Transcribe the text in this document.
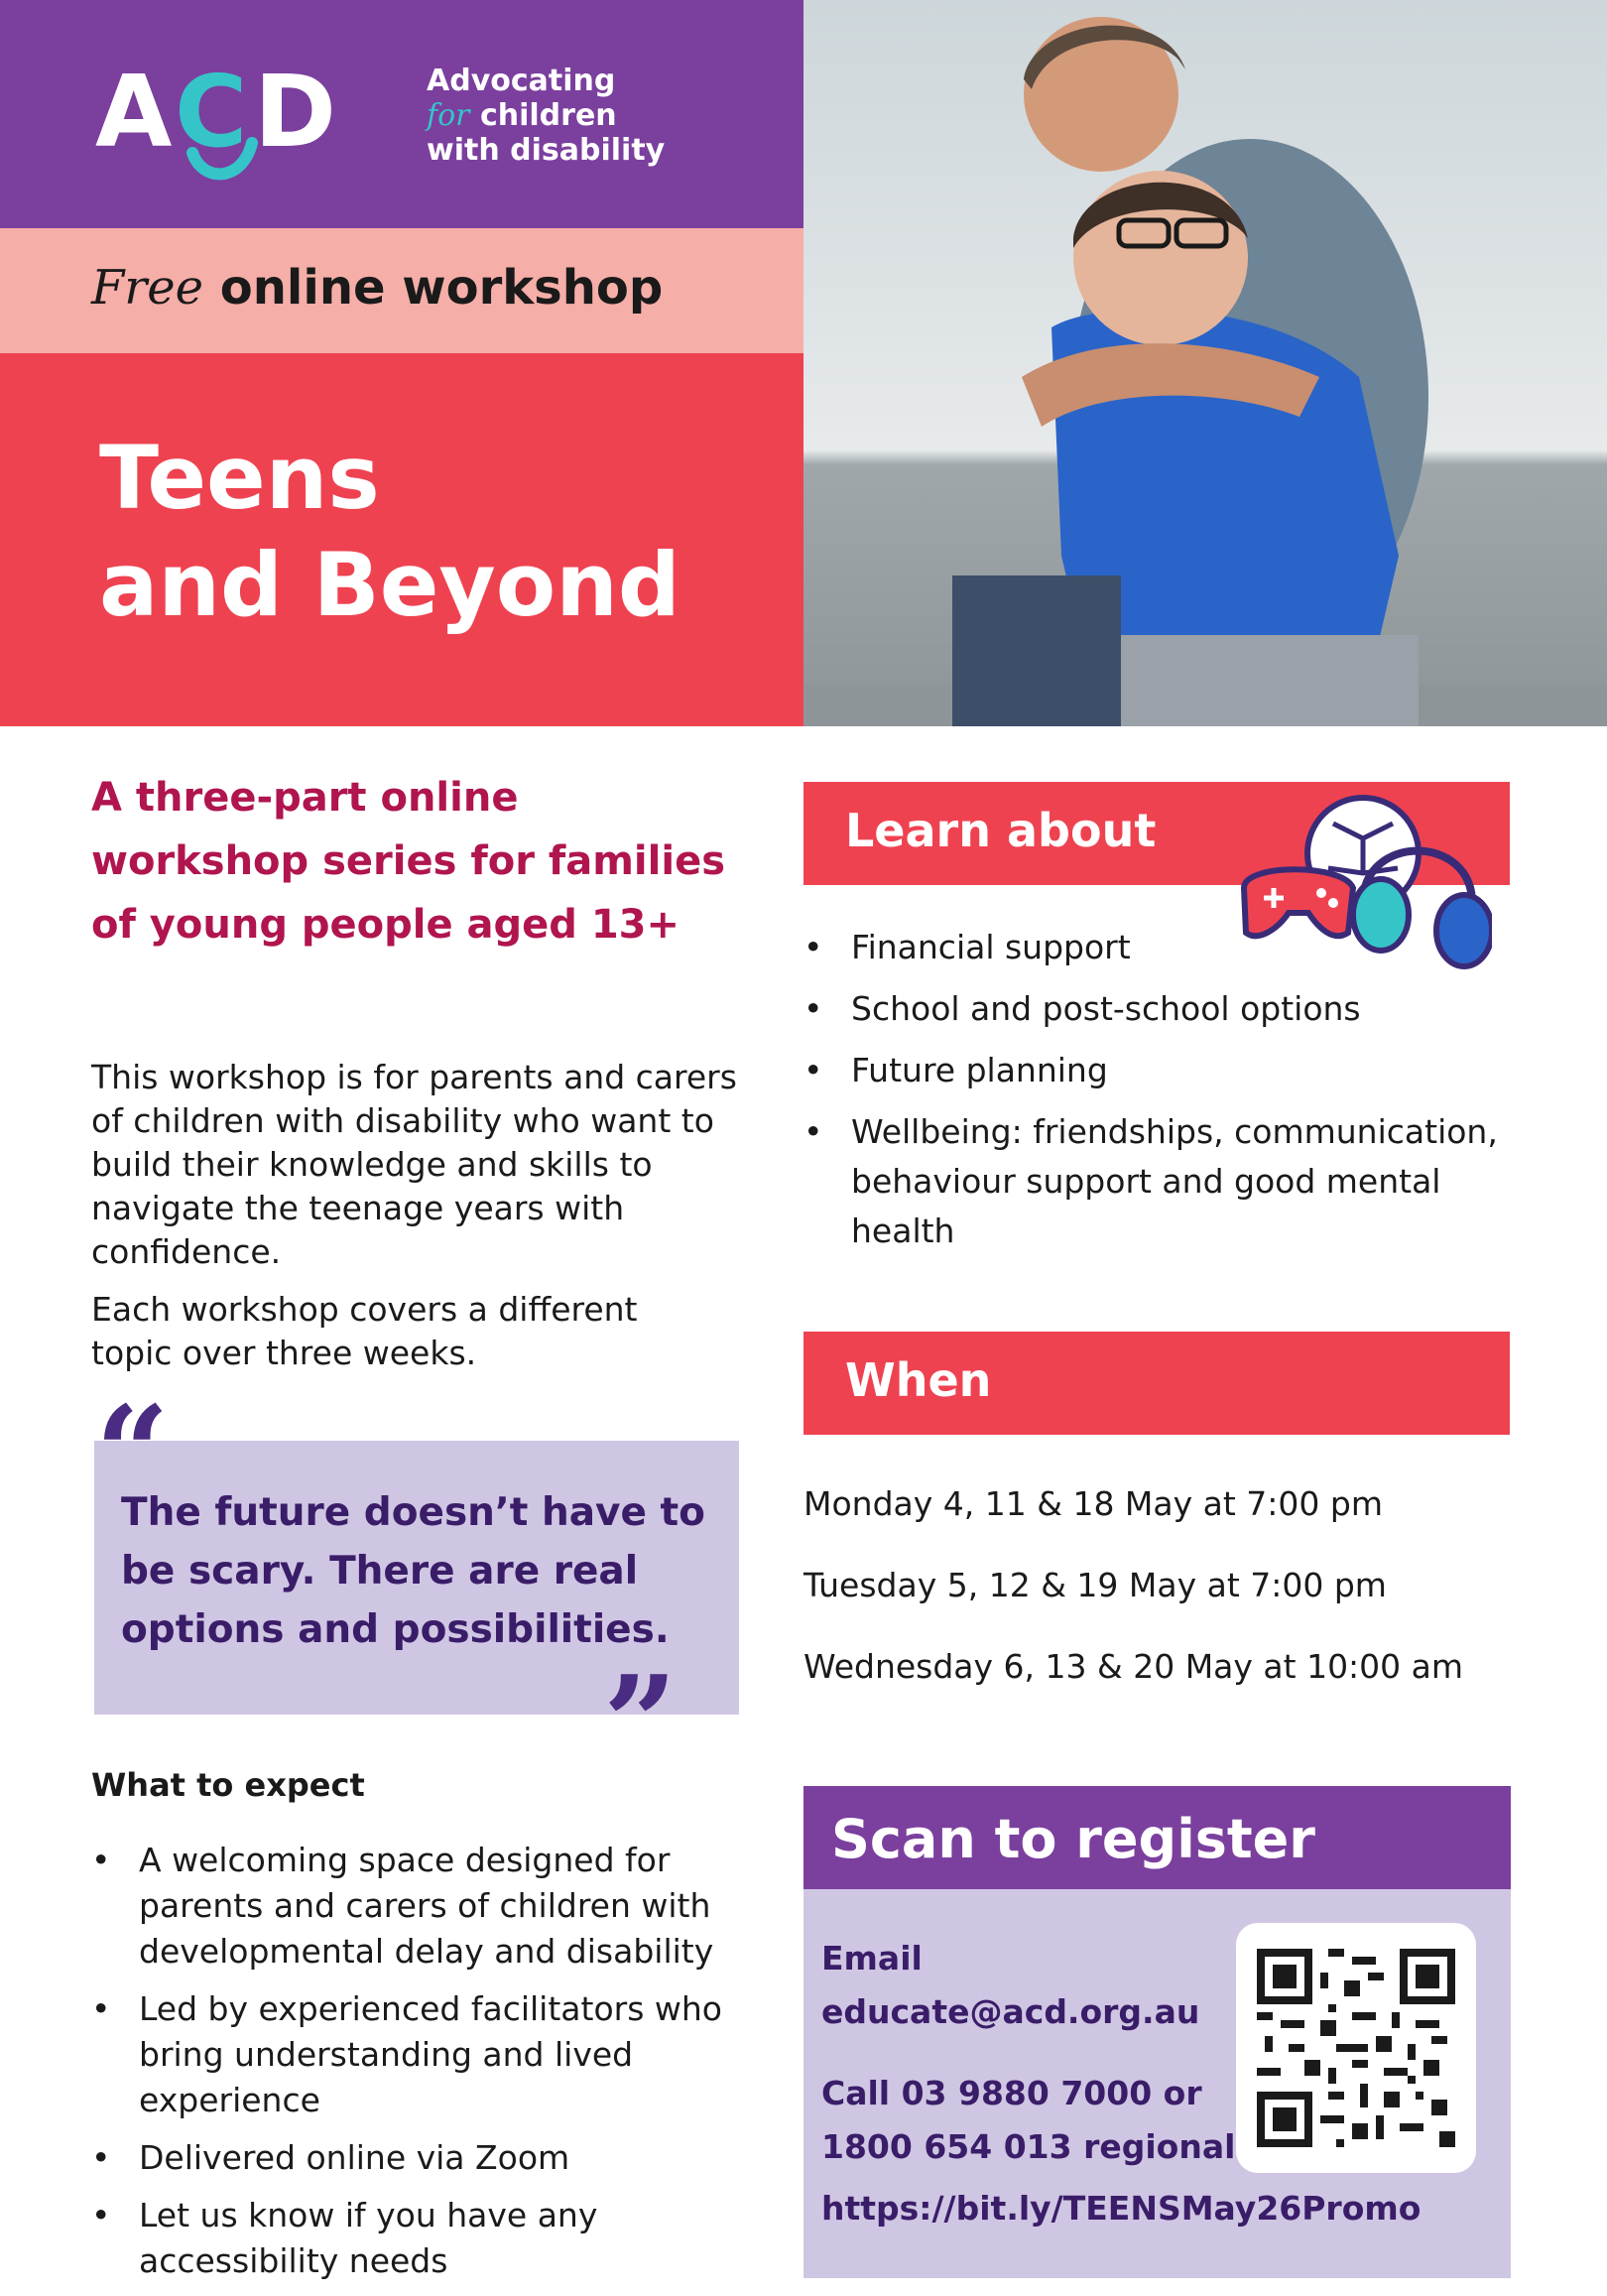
A C D	Advocating
for children
with disability
Free online workshop
Teens
and Beyond
A three-part online workshop series for families of young people aged 13+
This workshop is for parents and carers of children with disability who want to build their knowledge and skills to navigate the teenage years with confidence.
Each workshop covers a different topic over three weeks.
“
The future doesn’t have to be scary. There are real options and possibilities.
”
What to expect
• A welcoming space designed for parents and carers of children with developmental delay and disability
• Led by experienced facilitators who bring understanding and lived experience
• Delivered online via Zoom
• Let us know if you have any accessibility needs
Learn about
• Financial support
• School and post-school options
• Future planning
• Wellbeing: friendships, communication, behaviour support and good mental health
When
Monday 4, 11 & 18 May at 7:00 pm
Tuesday 5, 12 & 19 May at 7:00 pm
Wednesday 6, 13 & 20 May at 10:00 am
Scan to register
Email
educate@acd.org.au
Call 03 9880 7000 or
1800 654 013 regional
https://bit.ly/TEENSMay26Promo
